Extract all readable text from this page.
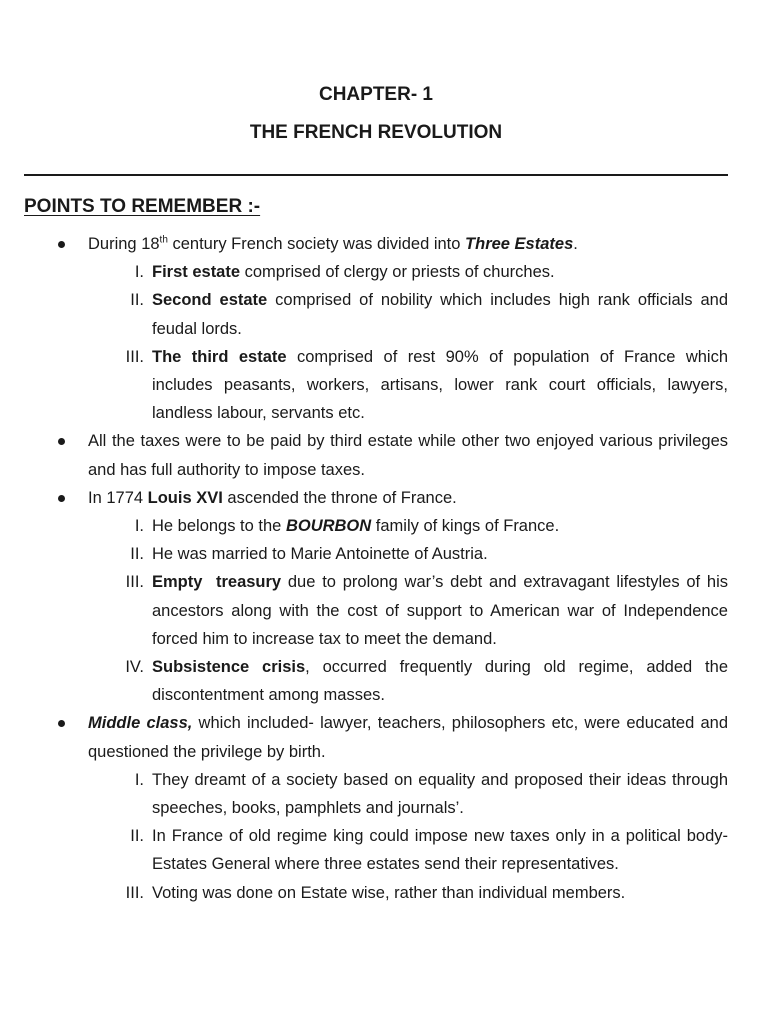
CHAPTER- 1
THE FRENCH REVOLUTION
POINTS TO REMEMBER :-
During 18th century French society was divided into Three Estates.
I. First estate comprised of clergy or priests of churches.
II. Second estate comprised of nobility which includes high rank officials and feudal lords.
III. The third estate comprised of rest 90% of population of France which includes peasants, workers, artisans, lower rank court officials, lawyers, landless labour, servants etc.
All the taxes were to be paid by third estate while other two enjoyed various privileges and has full authority to impose taxes.
In 1774 Louis XVI ascended the throne of France.
I. He belongs to the BOURBON family of kings of France.
II. He was married to Marie Antoinette of Austria.
III. Empty  treasury due to prolong war’s debt and extravagant lifestyles of his ancestors along with the cost of support to American war of Independence forced him to increase tax to meet the demand.
IV. Subsistence crisis, occurred frequently during old regime, added the discontentment among masses.
Middle class, which included- lawyer, teachers, philosophers etc, were educated and questioned the privilege by birth.
I. They dreamt of a society based on equality and proposed their ideas through speeches, books, pamphlets and journals’.
II. In France of old regime king could impose new taxes only in a political body- Estates General where three estates send their representatives.
III. Voting was done on Estate wise, rather than individual members.
